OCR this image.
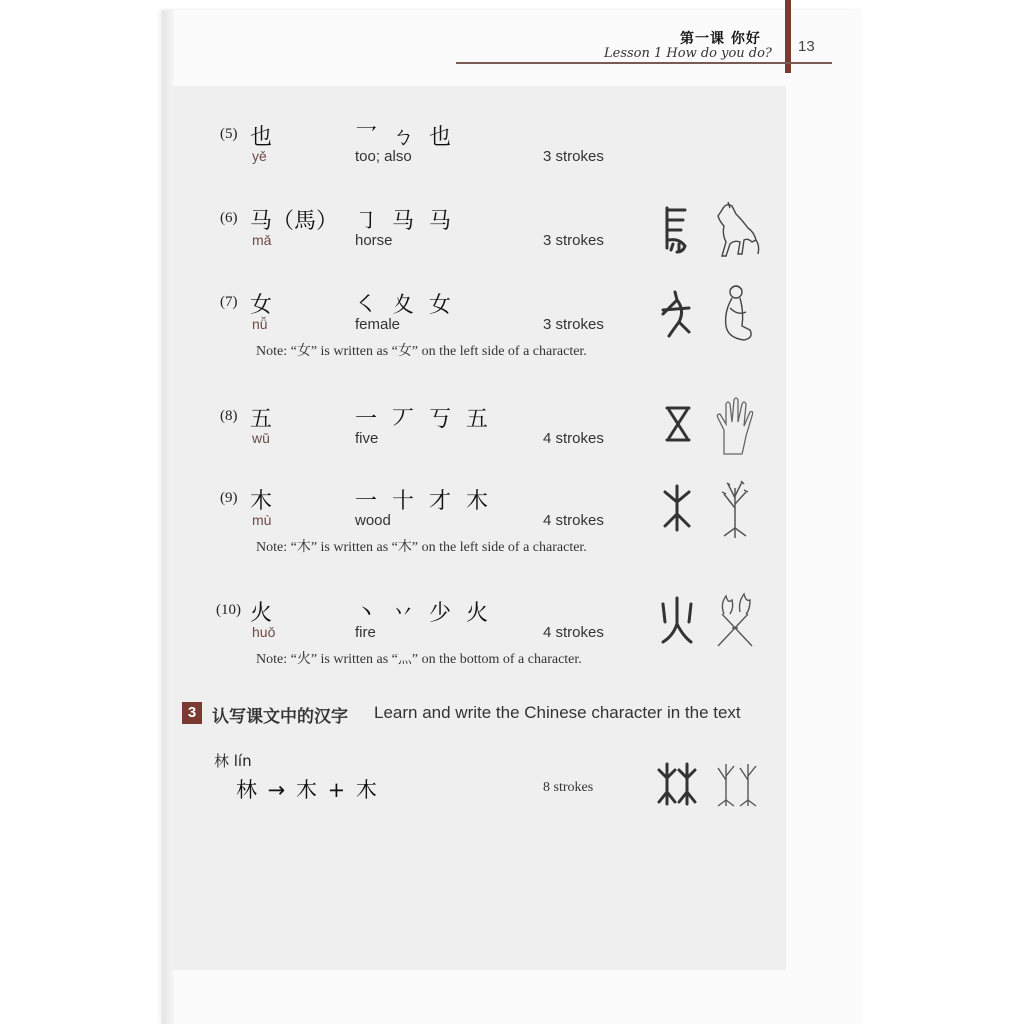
第一课 你好
Lesson 1 How do you do? 13
(5) 也
yě
乛 ㄅ 也
too; also	3 strokes
(6) 马（馬）
mǎ
㇆ 马 马
horse	3 strokes
(7) 女
nǚ
㇛ 夊 女
female	3 strokes
Note: “女” is written as “⼥” on the left side of a character.
(8) 五
wǔ
一 丆 丂 五
five	4 strokes
(9) 木
mù
一 十 才 木
wood	4 strokes
Note: “木” is written as “⽊” on the left side of a character.
(10) 火
huǒ
丶 丷 少 火
fire	4 strokes
Note: “火” is written as “灬” on the bottom of a character.
3 认写课文中的汉字 Learn and write the Chinese character in the text
林 lín
林 → 木 + 木	8 strokes
